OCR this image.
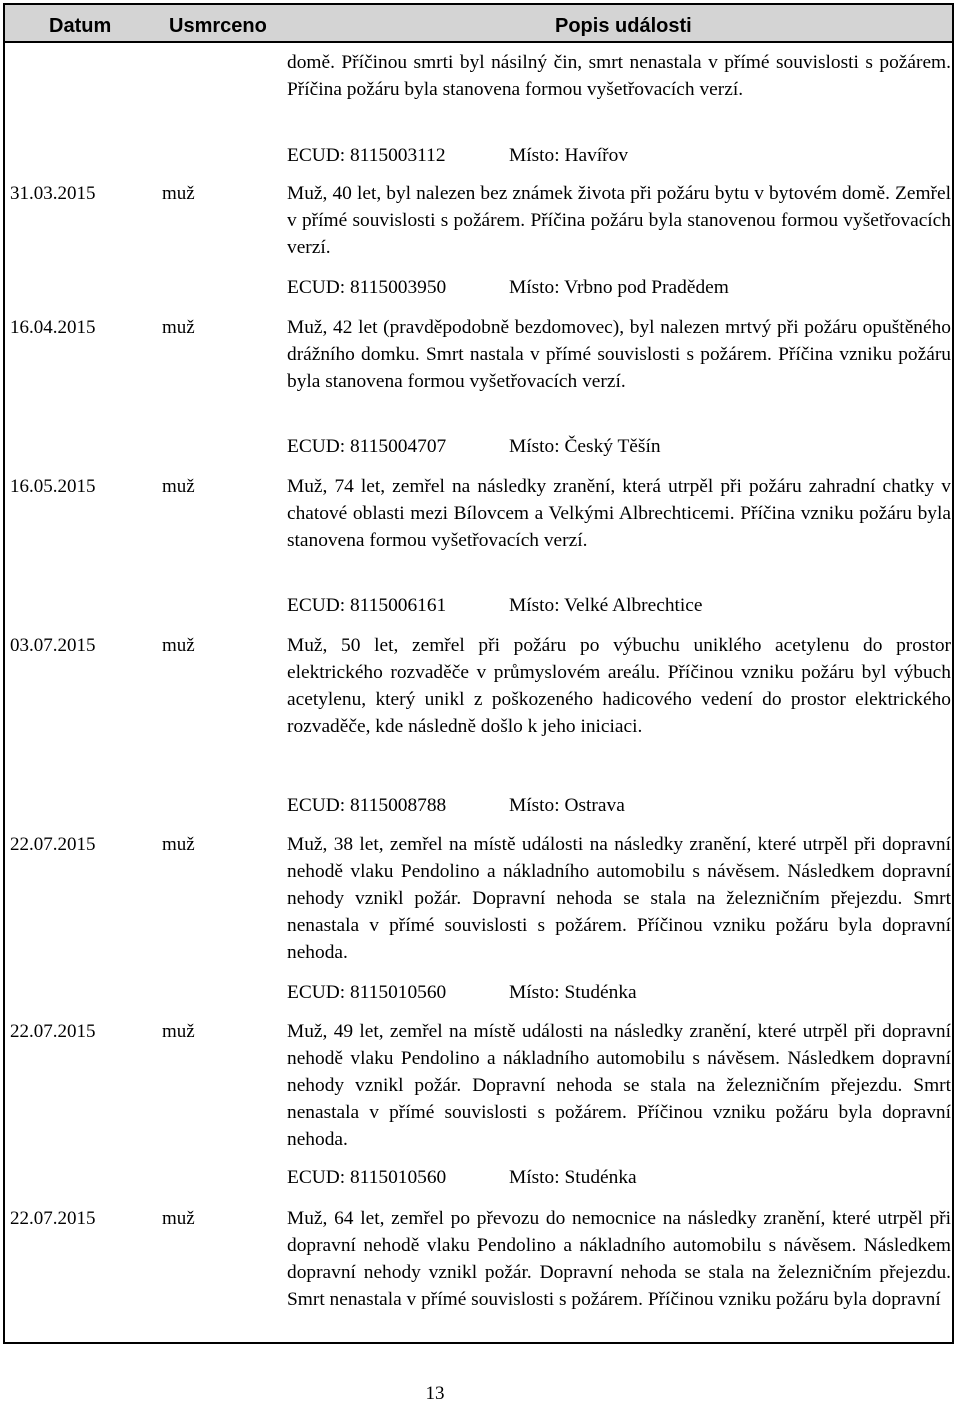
Datum	Usmrceno	Popis události
domě. Příčinou smrti byl násilný čin, smrt nenastala v přímé souvislosti s požárem. Příčina požáru byla stanovena formou vyšetřovacích verzí.
ECUD: 8115003112	Místo: Havířov
31.03.2015	muž	Muž, 40 let, byl nalezen bez známek života při požáru bytu v bytovém domě. Zemřel v přímé souvislosti s požárem. Příčina požáru byla stanovenou formou vyšetřovacích verzí.
ECUD: 8115003950	Místo: Vrbno pod Pradědem
16.04.2015	muž	Muž, 42 let (pravděpodobně bezdomovec), byl nalezen mrtvý při požáru opuštěného drážního domku. Smrt nastala v přímé souvislosti s požárem. Příčina vzniku požáru byla stanovena formou vyšetřovacích verzí.
ECUD: 8115004707	Místo: Český Těšín
16.05.2015	muž	Muž, 74 let, zemřel na následky zranění, která utrpěl při požáru zahradní chatky v chatové oblasti mezi Bílovcem a Velkými Albrechticemi. Příčina vzniku požáru byla stanovena formou vyšetřovacích verzí.
ECUD: 8115006161	Místo: Velké Albrechtice
03.07.2015	muž	Muž, 50 let, zemřel při požáru po výbuchu uniklého acetylenu do prostor elektrického rozvaděče v průmyslovém areálu. Příčinou vzniku požáru byl výbuch acetylenu, který unikl z poškozeného hadicového vedení do prostor elektrického rozvaděče, kde následně došlo k jeho iniciaci.
ECUD: 8115008788	Místo: Ostrava
22.07.2015	muž	Muž, 38 let, zemřel na místě události na následky zranění, které utrpěl při dopravní nehodě vlaku Pendolino a nákladního automobilu s návěsem. Následkem dopravní nehody vznikl požár. Dopravní nehoda se stala na železničním přejezdu. Smrt nenastala v přímé souvislosti s požárem. Příčinou vzniku požáru byla dopravní nehoda.
ECUD: 8115010560	Místo: Studénka
22.07.2015	muž	Muž, 49 let, zemřel na místě události na následky zranění, které utrpěl při dopravní nehodě vlaku Pendolino a nákladního automobilu s návěsem. Následkem dopravní nehody vznikl požár. Dopravní nehoda se stala na železničním přejezdu. Smrt nenastala v přímé souvislosti s požárem. Příčinou vzniku požáru byla dopravní nehoda.
ECUD: 8115010560	Místo: Studénka
22.07.2015	muž	Muž, 64 let, zemřel po převozu do nemocnice na následky zranění, které utrpěl při dopravní nehodě vlaku Pendolino a nákladního automobilu s návěsem. Následkem dopravní nehody vznikl požár. Dopravní nehoda se stala na železničním přejezdu. Smrt nenastala v přímé souvislosti s požárem. Příčinou vzniku požáru byla dopravní
13
